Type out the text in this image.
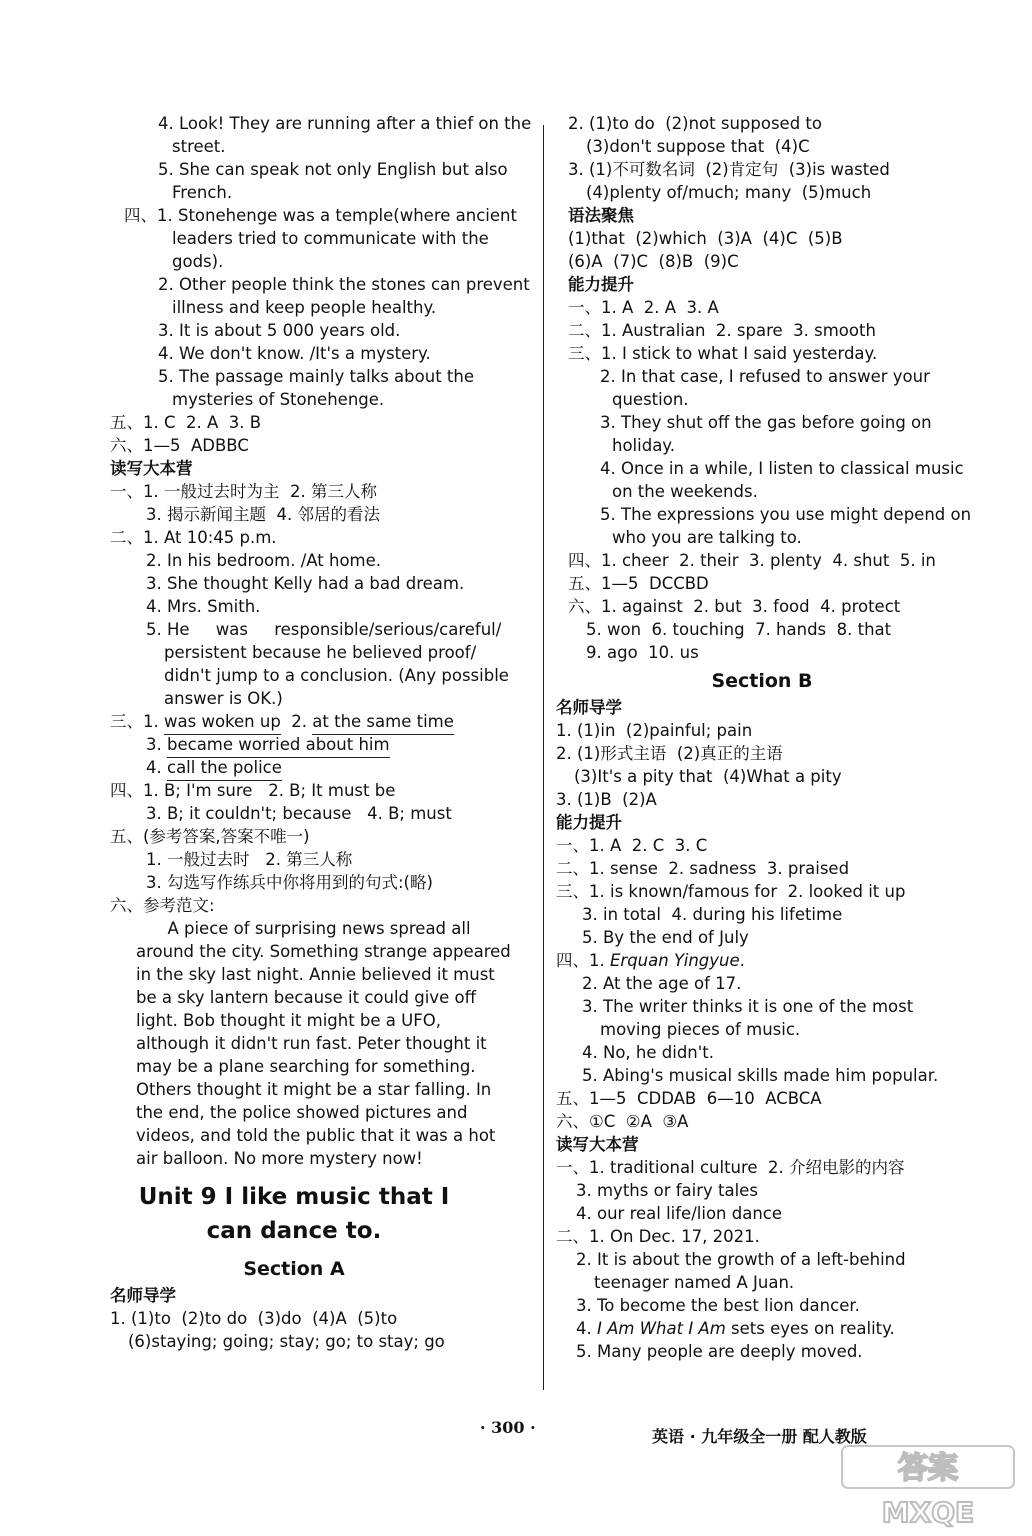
4. Look! They are running after a thief on the
street.
5. She can speak not only English but also
French.
四、1. Stonehenge was a temple(where ancient
leaders tried to communicate with the
gods).
2. Other people think the stones can prevent
illness and keep people healthy.
3. It is about 5 000 years old.
4. We don't know. /It's a mystery.
5. The passage mainly talks about the
mysteries of Stonehenge.
五、1. C  2. A  3. B
六、1—5  ADBBC
读写大本营
一、1. 一般过去时为主  2. 第三人称
3. 揭示新闻主题  4. 邻居的看法
二、1. At 10:45 p.m.
2. In his bedroom. /At home.
3. She thought Kelly had a bad dream.
4. Mrs. Smith.
5. He     was     responsible/serious/careful/
persistent because he believed proof/
didn't jump to a conclusion. (Any possible
answer is OK.)
三、1. was woken up  2. at the same time
3. became worried about him
4. call the police
四、1. B; I'm sure   2. B; It must be
3. B; it couldn't; because   4. B; must
五、(参考答案,答案不唯一)
1. 一般过去时   2. 第三人称
3. 勾选写作练兵中你将用到的句式:(略)
六、参考范文:
A piece of surprising news spread all
around the city. Something strange appeared
in the sky last night. Annie believed it must
be a sky lantern because it could give off
light. Bob thought it might be a UFO,
although it didn't run fast. Peter thought it
may be a plane searching for something.
Others thought it might be a star falling. In
the end, the police showed pictures and
videos, and told the public that it was a hot
air balloon. No more mystery now!
Unit 9 I like music that I
can dance to.
Section A
名师导学
1. (1)to  (2)to do  (3)do  (4)A  (5)to
(6)staying; going; stay; go; to stay; go
2. (1)to do  (2)not supposed to
(3)don't suppose that  (4)C
3. (1)不可数名词  (2)肯定句  (3)is wasted
(4)plenty of/much; many  (5)much
语法聚焦
(1)that  (2)which  (3)A  (4)C  (5)B
(6)A  (7)C  (8)B  (9)C
能力提升
一、1. A  2. A  3. A
二、1. Australian  2. spare  3. smooth
三、1. I stick to what I said yesterday.
2. In that case, I refused to answer your
question.
3. They shut off the gas before going on
holiday.
4. Once in a while, I listen to classical music
on the weekends.
5. The expressions you use might depend on
who you are talking to.
四、1. cheer  2. their  3. plenty  4. shut  5. in
五、1—5  DCCBD
六、1. against  2. but  3. food  4. protect
5. won  6. touching  7. hands  8. that
9. ago  10. us
Section B
名师导学
1. (1)in  (2)painful; pain
2. (1)形式主语  (2)真正的主语
(3)It's a pity that  (4)What a pity
3. (1)B  (2)A
能力提升
一、1. A  2. C  3. C
二、1. sense  2. sadness  3. praised
三、1. is known/famous for  2. looked it up
3. in total  4. during his lifetime
5. By the end of July
四、1. Erquan Yingyue.
2. At the age of 17.
3. The writer thinks it is one of the most
moving pieces of music.
4. No, he didn't.
5. Abing's musical skills made him popular.
五、1—5  CDDAB  6—10  ACBCA
六、①C  ②A  ③A
读写大本营
一、1. traditional culture  2. 介绍电影的内容
3. myths or fairy tales
4. our real life/lion dance
二、1. On Dec. 17, 2021.
2. It is about the growth of a left-behind
teenager named A Juan.
3. To become the best lion dancer.
4. I Am What I Am sets eyes on reality.
5. Many people are deeply moved.
· 300 ·	英语 · 九年级全一册 配人教版
答案
MXQE
